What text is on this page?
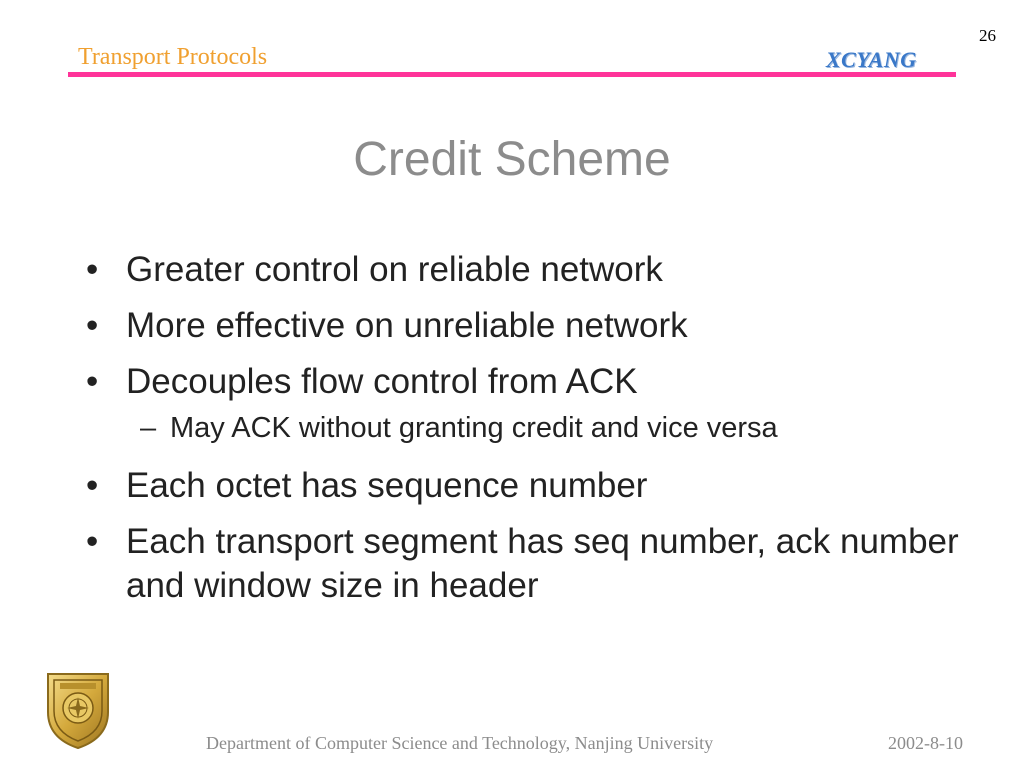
26
Transport Protocols	XCYANG
Credit Scheme
• Greater control on reliable network
• More effective on unreliable network
• Decouples flow control from ACK
– May ACK without granting credit and vice versa
• Each octet has sequence number
• Each transport segment has seq number, ack number and window size in header
Department of Computer Science and Technology, Nanjing University	2002-8-10
